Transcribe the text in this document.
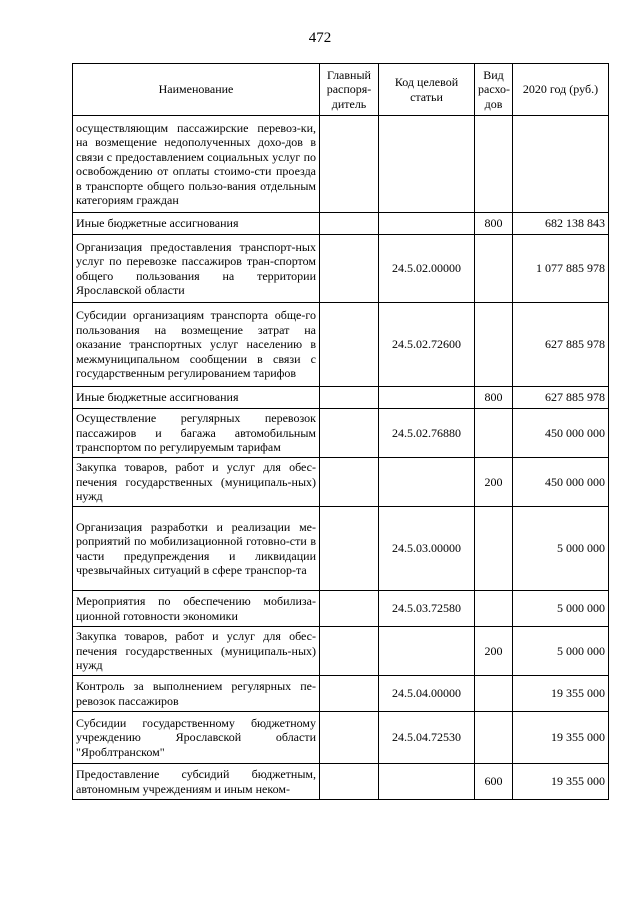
472
Наименование	Главный распоря-дитель	Код целевой статьи	Вид расхо-дов	2020 год (руб.)
осуществляющим пассажирские перевоз-ки, на возмещение недополученных дохо-дов в связи с предоставлением социальных услуг по освобождению от оплаты стоимо-сти проезда в транспорте общего пользо-вания отдельным категориям граждан				
Иные бюджетные ассигнования			800	682 138 843
Организация предоставления транспорт-ных услуг по перевозке пассажиров тран-спортом общего пользования на территории Ярославской области		24.5.02.00000		1 077 885 978
Субсидии организациям транспорта обще-го пользования на возмещение затрат на оказание транспортных услуг населению в межмуниципальном сообщении в связи с государственным регулированием тарифов		24.5.02.72600		627 885 978
Иные бюджетные ассигнования			800	627 885 978
Осуществление регулярных перевозок пассажиров и багажа автомобильным транспортом по регулируемым тарифам		24.5.02.76880		450 000 000
Закупка товаров, работ и услуг для обес-печения государственных (муниципаль-ных) нужд			200	450 000 000
Организация разработки и реализации ме-роприятий по мобилизационной готовно-сти в части предупреждения и ликвидации чрезвычайных ситуаций в сфере транспор-та		24.5.03.00000		5 000 000
Мероприятия по обеспечению мобилиза-ционной готовности экономики		24.5.03.72580		5 000 000
Закупка товаров, работ и услуг для обес-печения государственных (муниципаль-ных) нужд			200	5 000 000
Контроль за выполнением регулярных пе-ревозок пассажиров		24.5.04.00000		19 355 000
Субсидии государственному бюджетному учреждению Ярославской области "Яроблтранском"		24.5.04.72530		19 355 000
Предоставление субсидий бюджетным, автономным учреждениям и иным неком-			600	19 355 000
